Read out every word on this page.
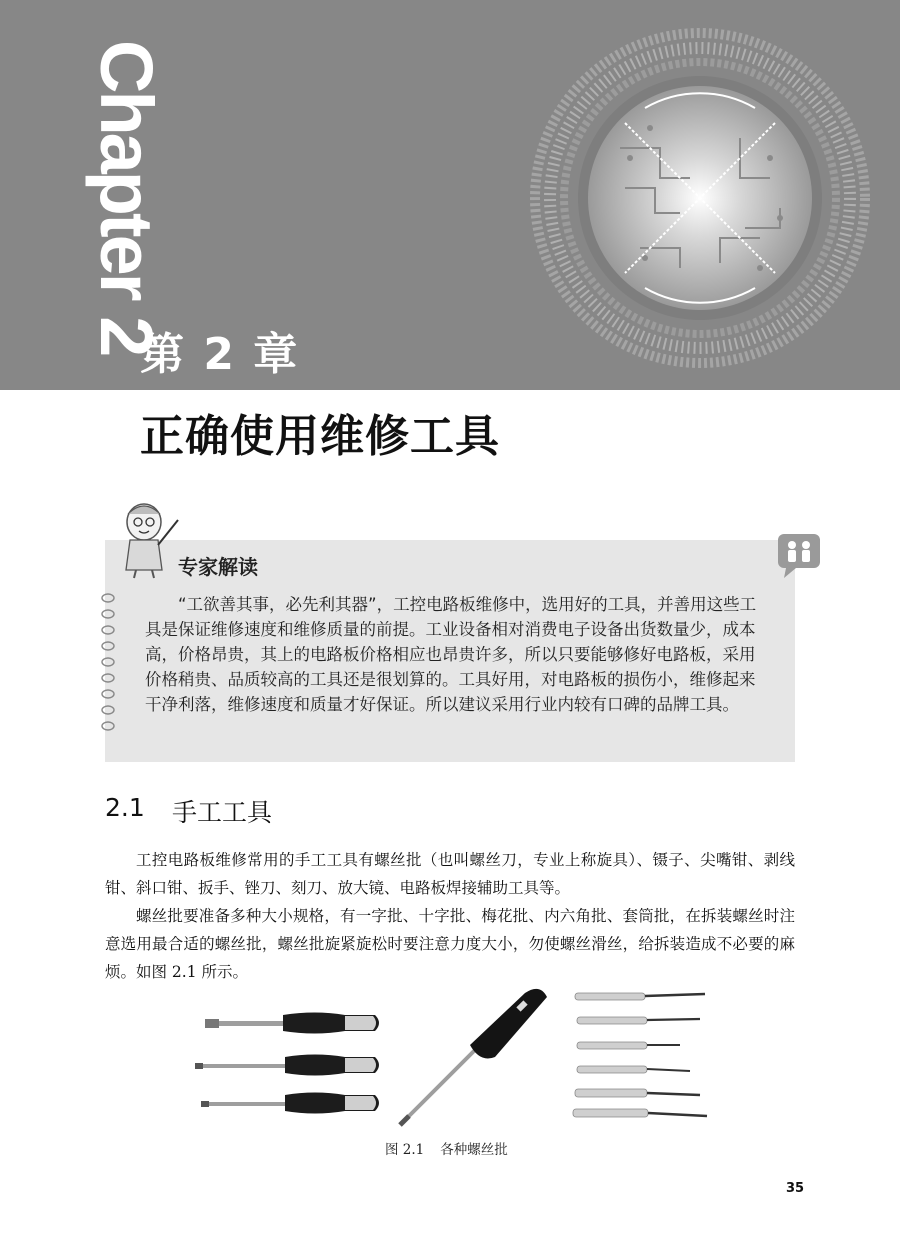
Chapter 2
第 2 章
正确使用维修工具
专家解读
“工欲善其事，必先利其器”，工控电路板维修中，选用好的工具，并善用这些工具是保证维修速度和维修质量的前提。工业设备相对消费电子设备出货数量少，成本高，价格昂贵，其上的电路板价格相应也昂贵许多，所以只要能够修好电路板，采用价格稍贵、品质较高的工具还是很划算的。工具好用，对电路板的损伤小，维修起来干净利落，维修速度和质量才好保证。所以建议采用行业内较有口碑的品牌工具。
2.1 手工工具
工控电路板维修常用的手工工具有螺丝批（也叫螺丝刀，专业上称旋具）、镊子、尖嘴钳、剥线钳、斜口钳、扳手、锉刀、刻刀、放大镜、电路板焊接辅助工具等。
螺丝批要准备多种大小规格，有一字批、十字批、梅花批、内六角批、套筒批，在拆装螺丝时注意选用最合适的螺丝批，螺丝批旋紧旋松时要注意力度大小，勿使螺丝滑丝，给拆装造成不必要的麻烦。如图 2.1 所示。
图 2.1 各种螺丝批
35
